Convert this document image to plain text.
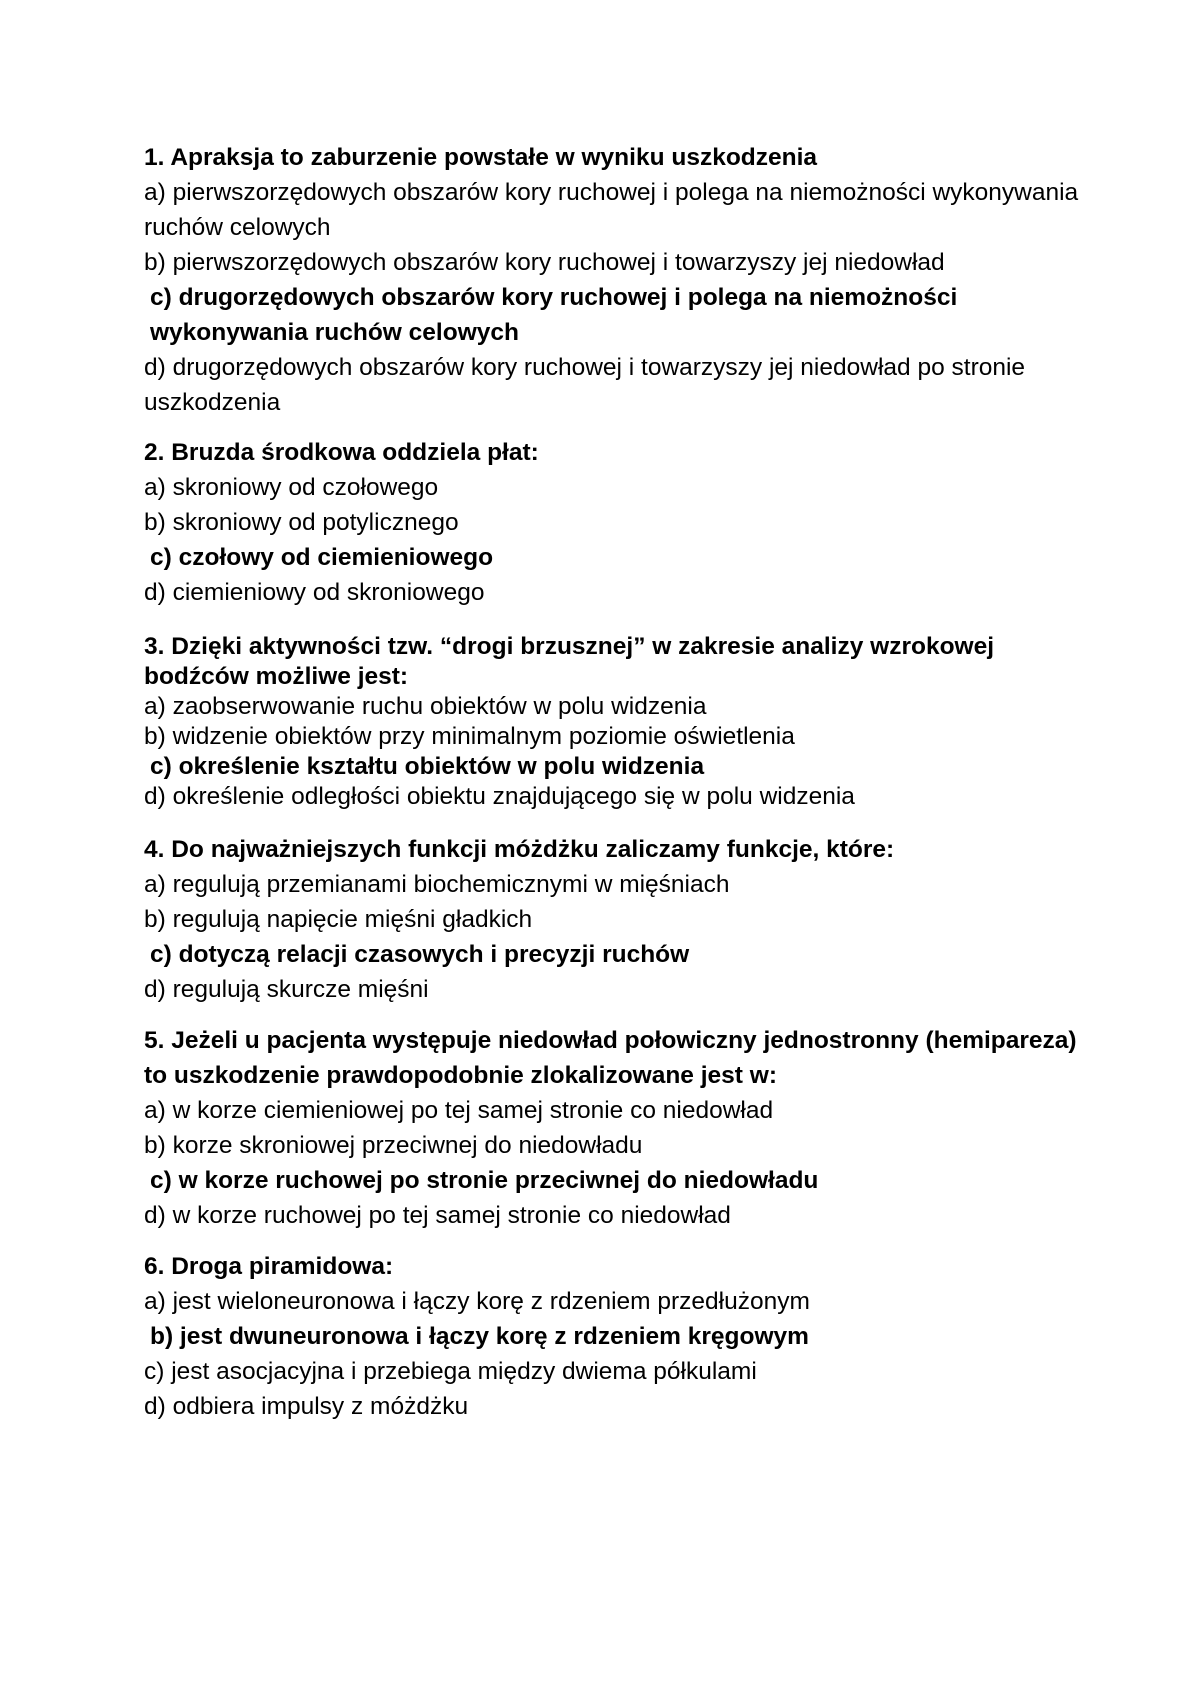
1. Apraksja to zaburzenie powstałe w wyniku uszkodzenia
a) pierwszorzędowych obszarów kory ruchowej i polega na niemożności wykonywania ruchów celowych
b) pierwszorzędowych obszarów kory ruchowej i towarzyszy jej niedowład
c) drugorzędowych obszarów kory ruchowej i polega na niemożności wykonywania ruchów celowych
d) drugorzędowych obszarów kory ruchowej i towarzyszy jej niedowład po stronie uszkodzenia
2. Bruzda środkowa oddziela płat:
a) skroniowy od czołowego
b) skroniowy od potylicznego
c) czołowy od ciemieniowego
d) ciemieniowy od skroniowego
3. Dzięki aktywności tzw. “drogi brzusznej” w zakresie analizy wzrokowej bodźców możliwe jest:
a) zaobserwowanie ruchu obiektów w polu widzenia
b) widzenie obiektów przy minimalnym poziomie oświetlenia
c) określenie kształtu obiektów w polu widzenia
d) określenie odległości obiektu znajdującego się w polu widzenia
4. Do najważniejszych funkcji móżdżku zaliczamy funkcje, które:
a) regulują przemianami biochemicznymi w mięśniach
b) regulują napięcie mięśni gładkich
c) dotyczą relacji czasowych i precyzji ruchów
d) regulują skurcze mięśni
5. Jeżeli u pacjenta występuje niedowład połowiczny jednostronny (hemipareza) to uszkodzenie prawdopodobnie zlokalizowane jest w:
a) w korze ciemieniowej po tej samej stronie co niedowład
b) korze skroniowej przeciwnej do niedowładu
c) w korze ruchowej po stronie przeciwnej do niedowładu
d) w korze ruchowej po tej samej stronie co niedowład
6. Droga piramidowa:
a) jest wieloneuronowa i łączy korę z rdzeniem przedłużonym
b) jest dwuneuronowa i łączy korę z rdzeniem kręgowym
c) jest asocjacyjna i przebiega między dwiema półkulami
d) odbiera impulsy z móżdżku
